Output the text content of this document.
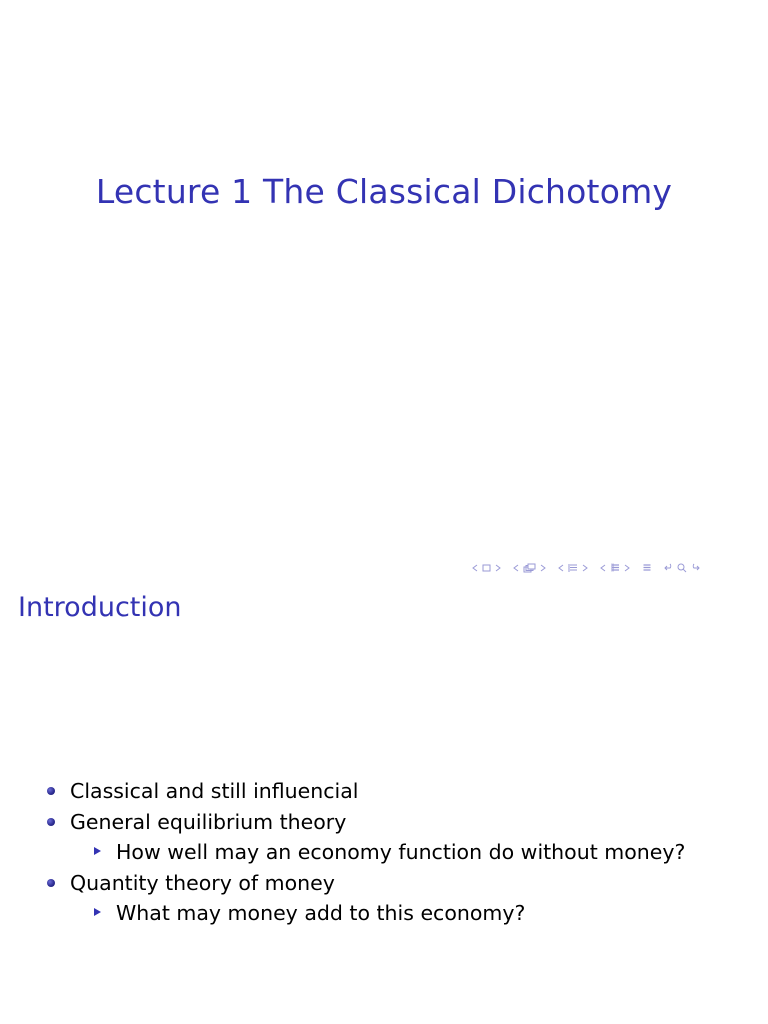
Lecture 1 The Classical Dichotomy
Introduction
Classical and still influencial
General equilibrium theory
How well may an economy function do without money?
Quantity theory of money
What may money add to this economy?
